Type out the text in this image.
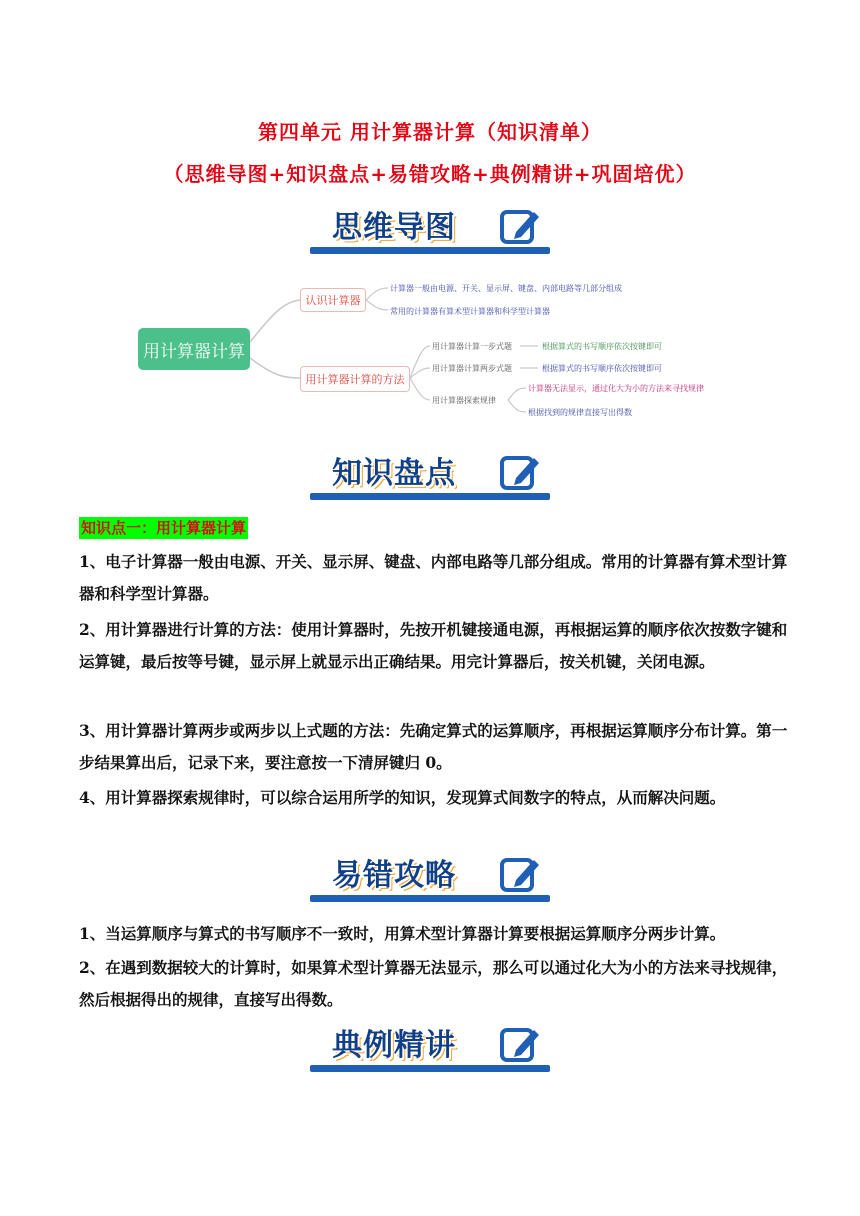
第四单元 用计算器计算（知识清单）
（思维导图+知识盘点+易错攻略+典例精讲+巩固培优）
思维导图
用计算器计算
认识计算器
计算器一般由电源、开关、显示屏、键盘、内部电路等几部分组成
常用的计算器有算术型计算器和科学型计算器
用计算器计算的方法
用计算器计算一步式题	根据算式的书写顺序依次按键即可
用计算器计算两步式题	根据算式的书写顺序依次按键即可
用计算器探索规律
计算器无法显示，通过化大为小的方法来寻找规律
根据找到的规律直接写出得数
知识盘点
知识点一：用计算器计算
1、电子计算器一般由电源、开关、显示屏、键盘、内部电路等几部分组成。常用的计算器有算术型计算器和科学型计算器。
2、用计算器进行计算的方法：使用计算器时，先按开机键接通电源，再根据运算的顺序依次按数字键和运算键，最后按等号键，显示屏上就显示出正确结果。用完计算器后，按关机键，关闭电源。
3、用计算器计算两步或两步以上式题的方法：先确定算式的运算顺序，再根据运算顺序分布计算。第一步结果算出后，记录下来，要注意按一下清屏键归 0。
4、用计算器探索规律时，可以综合运用所学的知识，发现算式间数字的特点，从而解决问题。
易错攻略
1、当运算顺序与算式的书写顺序不一致时，用算术型计算器计算要根据运算顺序分两步计算。
2、在遇到数据较大的计算时，如果算术型计算器无法显示，那么可以通过化大为小的方法来寻找规律，然后根据得出的规律，直接写出得数。
典例精讲
